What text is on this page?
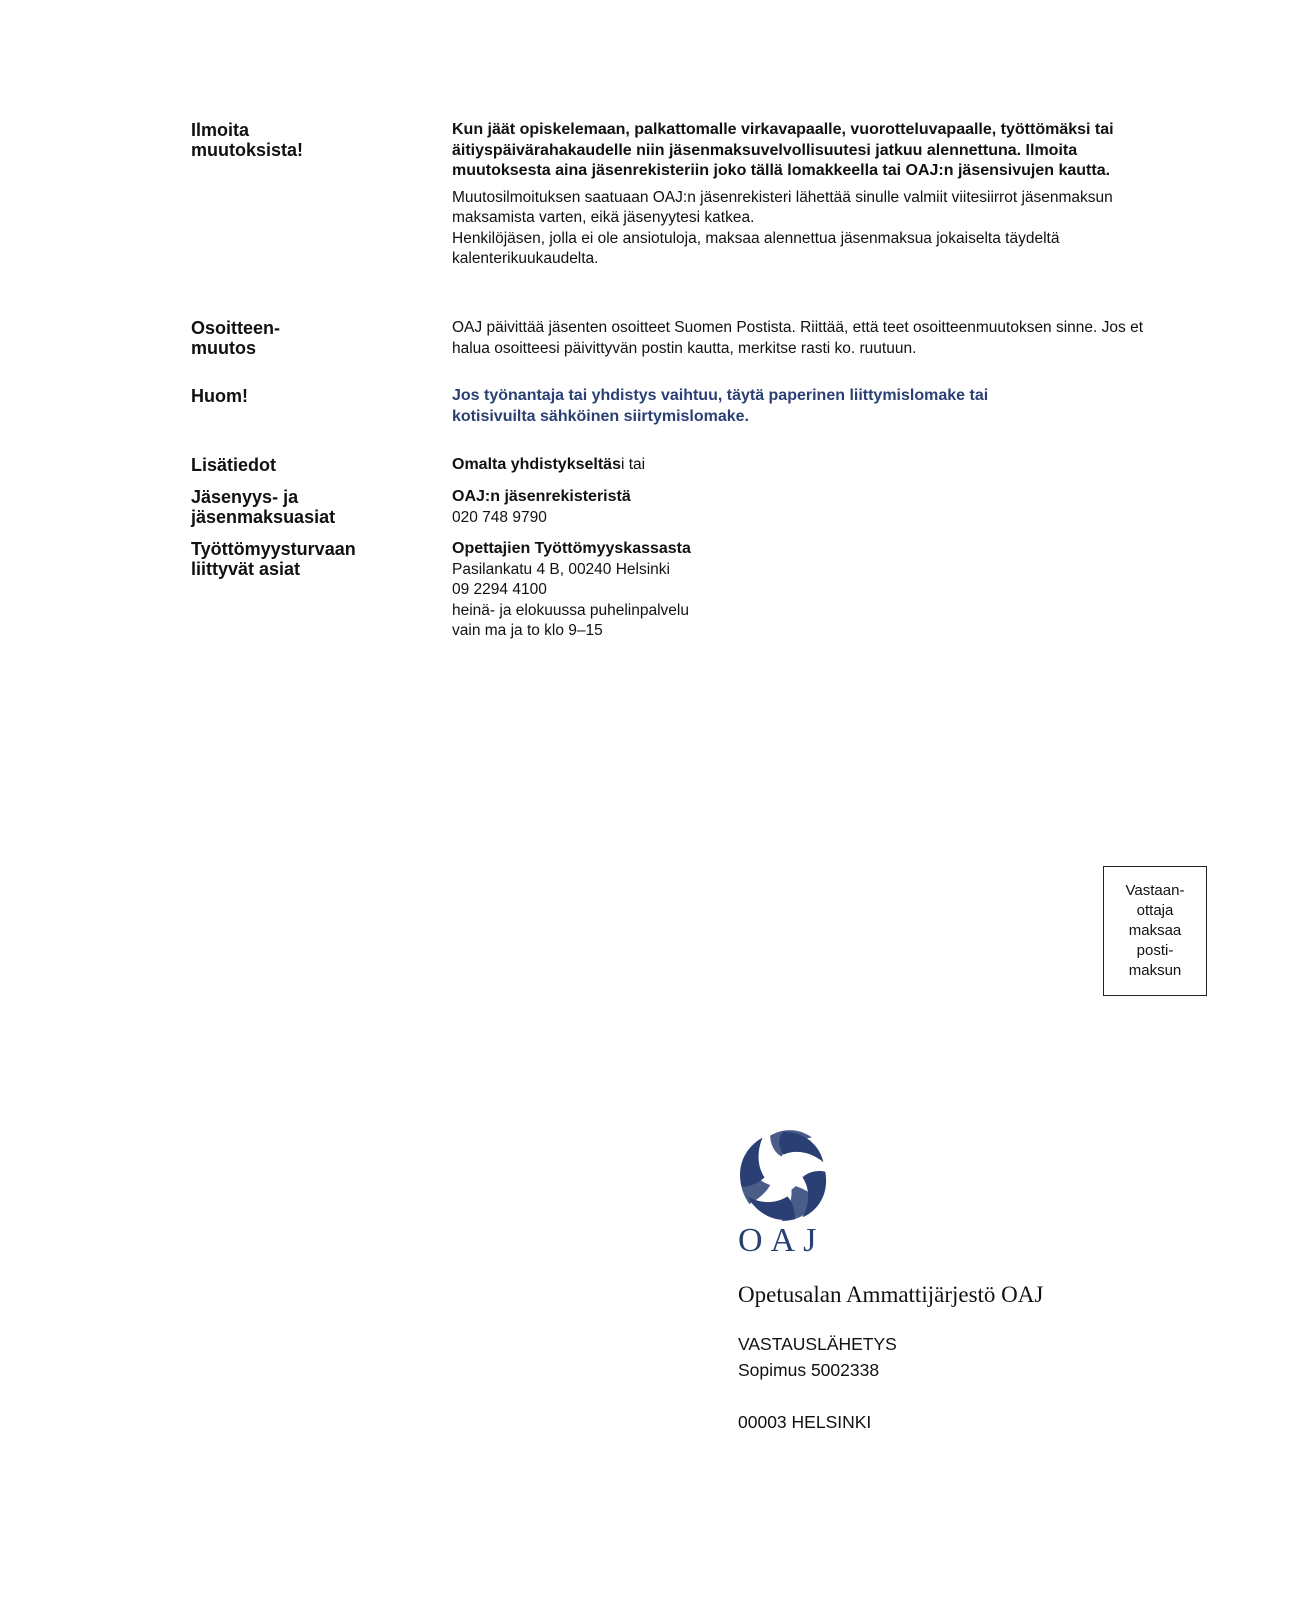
Ilmoita
muutoksista!

Kun jäät opiskelemaan, palkattomalle virkavapaalle, vuorotteluvapaalle, työttömäksi tai äitiyspäivärahakaudelle niin jäsenmaksuvelvollisuutesi jatkuu alennettuna. Ilmoita muutoksesta aina jäsenrekisteriin joko tällä lomakkeella tai OAJ:n jäsensivujen kautta.

Muutosilmoituksen saatuaan OAJ:n jäsenrekisteri lähettää sinulle valmiit viitesiirrot jäsenmaksun maksamista varten, eikä jäsenyytesi katkea.

Henkilöjäsen, jolla ei ole ansiotuloja, maksaa alennettua jäsenmaksua jokaiselta täydeltä kalenterikuukaudelta.

Osoitteen-
muutos

OAJ päivittää jäsenten osoitteet Suomen Postista. Riittää, että teet osoitteenmuutoksen sinne. Jos et halua osoitteesi päivittyvän postin kautta, merkitse rasti ko. ruutuun.

Huom!	Jos työnantaja tai yhdistys vaihtuu, täytä paperinen liittymislomake tai kotisivuilta sähköinen siirtymislomake.

Lisätiedot	Omalta yhdistykseltäsi tai

Jäsenyys- ja
jäsenmaksuasiat

OAJ:n jäsenrekisteristä

020 748 9790

Työttömyysturvaan
liittyvät asiat

Opettajien Työttömyyskassasta

Pasilankatu 4 B, 00240 Helsinki

09 2294 4100

heinä- ja elokuussa puhelinpalvelu

vain ma ja to klo 9–15

Vastaan-
ottaja
maksaa
posti-
maksun
OAJ
Opetusalan Ammattijärjestö OAJ
VASTAUSLÄHETYS
Sopimus 5002338
00003 HELSINKI
